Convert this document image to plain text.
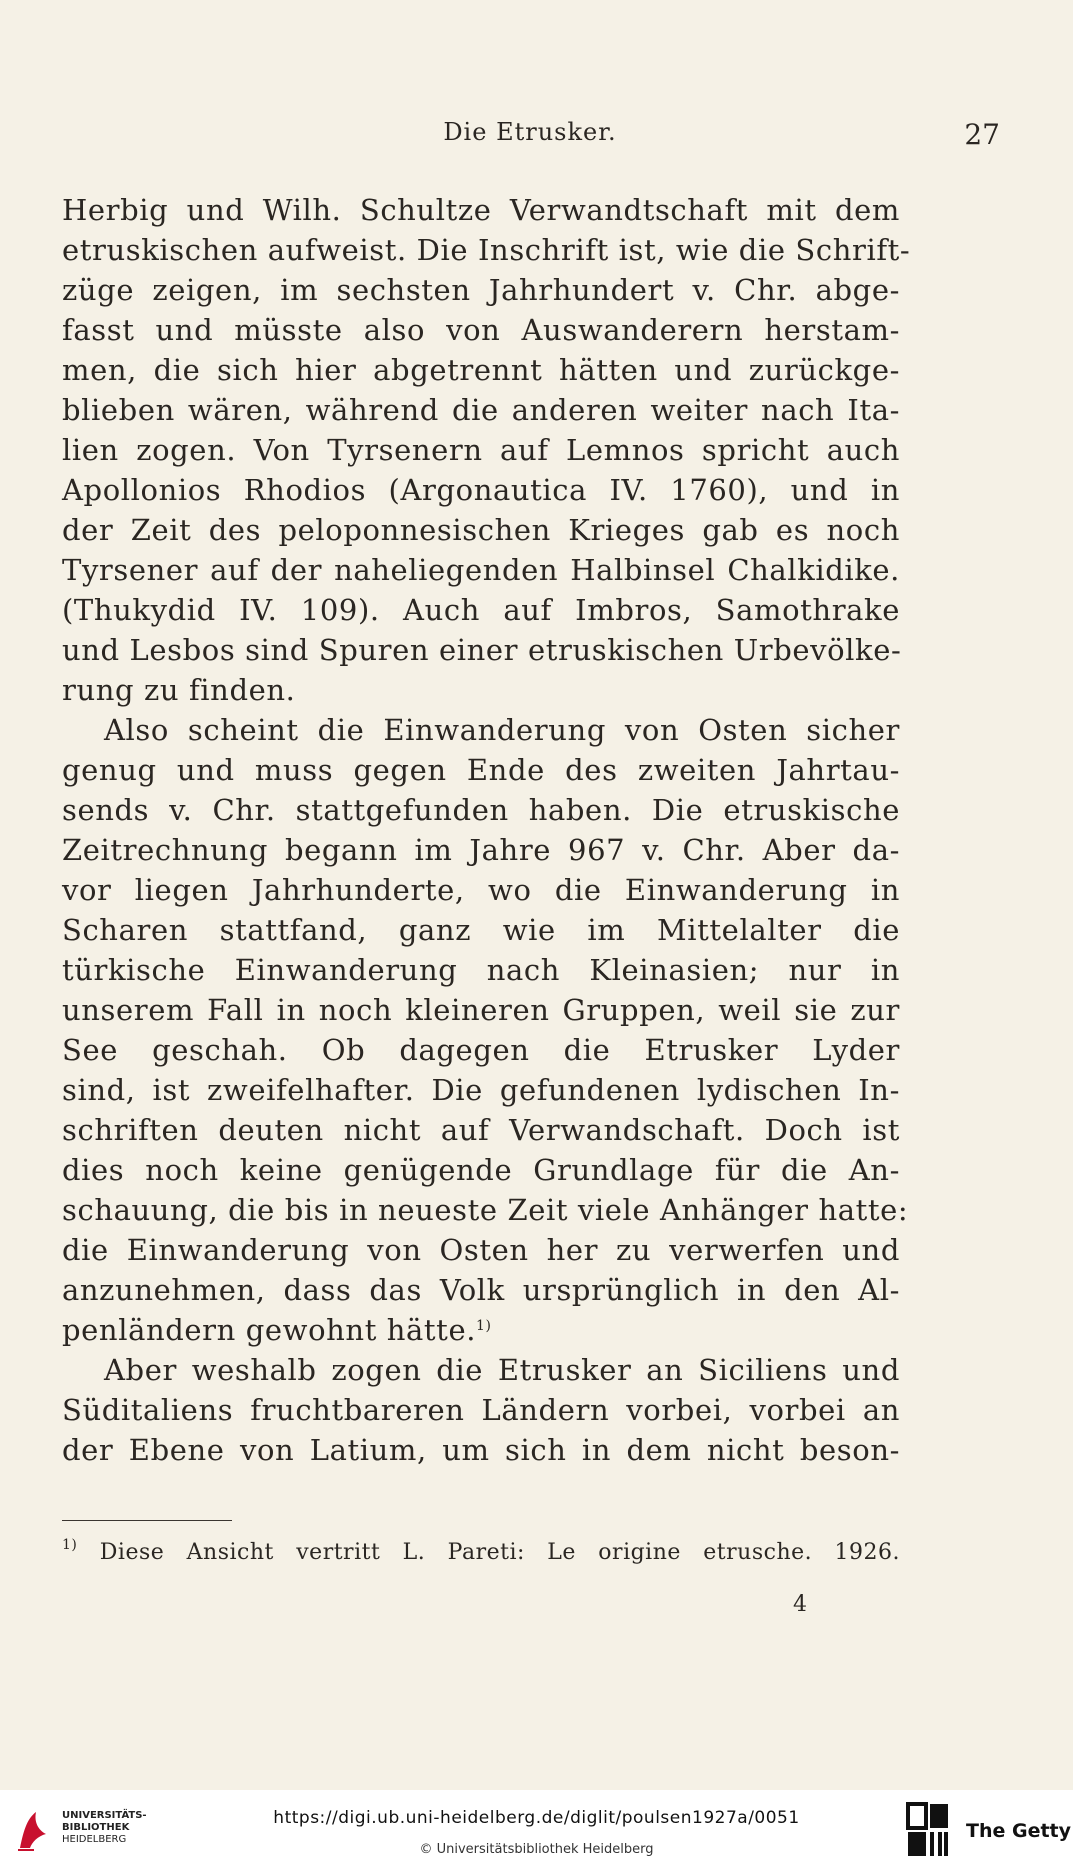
Die Etrusker.	27
Herbig und Wilh. Schultze Verwandtschaft mit dem
etruskischen aufweist. Die Inschrift ist, wie die Schrift-
züge zeigen, im sechsten Jahrhundert v. Chr. abge-
fasst und müsste also von Auswanderern herstam-
men, die sich hier abgetrennt hätten und zurückge-
blieben wären, während die anderen weiter nach Ita-
lien zogen. Von Tyrsenern auf Lemnos spricht auch
Apollonios Rhodios (Argonautica IV. 1760), und in
der Zeit des peloponnesischen Krieges gab es noch
Tyrsener auf der naheliegenden Halbinsel Chalkidike.
(Thukydid IV. 109). Auch auf Imbros, Samothrake
und Lesbos sind Spuren einer etruskischen Urbevölke-
rung zu finden.
Also scheint die Einwanderung von Osten sicher
genug und muss gegen Ende des zweiten Jahrtau-
sends v. Chr. stattgefunden haben. Die etruskische
Zeitrechnung begann im Jahre 967 v. Chr. Aber da-
vor liegen Jahrhunderte, wo die Einwanderung in
Scharen stattfand, ganz wie im Mittelalter die
türkische Einwanderung nach Kleinasien; nur in
unserem Fall in noch kleineren Gruppen, weil sie zur
See geschah. Ob dagegen die Etrusker Lyder
sind, ist zweifelhafter. Die gefundenen lydischen In-
schriften deuten nicht auf Verwandschaft. Doch ist
dies noch keine genügende Grundlage für die An-
schauung, die bis in neueste Zeit viele Anhänger hatte:
die Einwanderung von Osten her zu verwerfen und
anzunehmen, dass das Volk ursprünglich in den Al-
penländern gewohnt hätte.$^{1)}$
Aber weshalb zogen die Etrusker an Siciliens und
Süditaliens fruchtbareren Ländern vorbei, vorbei an
der Ebene von Latium, um sich in dem nicht beson-
$^{1)}$ Diese Ansicht vertritt L. Pareti: Le origine etrusche. 1926.
4
UNIVERSITÄTS-
BIBLIOTHEK
HEIDELBERG
https://digi.ub.uni-heidelberg.de/diglit/poulsen1927a/0051
© Universitätsbibliothek Heidelberg
The Getty
